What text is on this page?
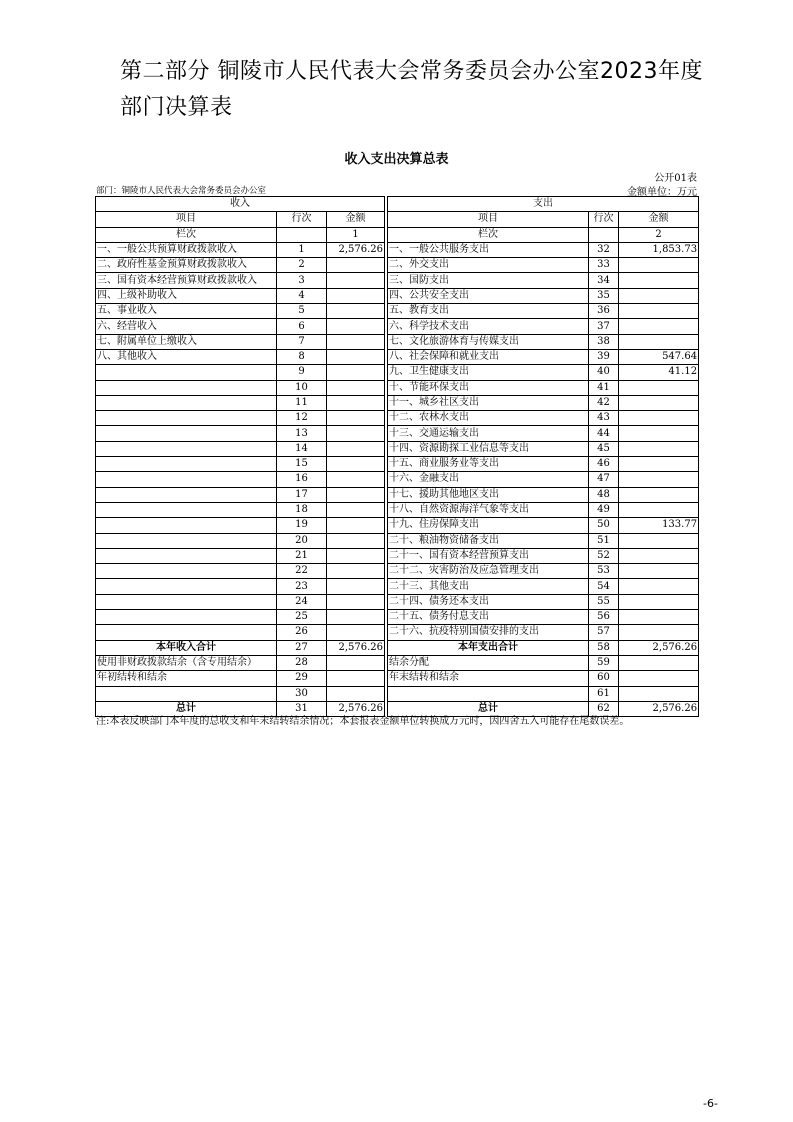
第二部分 铜陵市人民代表大会常务委员会办公室2023年度部门决算表
收入支出决算总表
公开01表
部门：铜陵市人民代表大会常务委员会办公室	金额单位：万元
收入				支出		
项目	行次	金额		项目	行次	金额
栏次		1		栏次		2
一、一般公共预算财政拨款收入	1	2,576.26		一、一般公共服务支出	32	1,853.73
二、政府性基金预算财政拨款收入	2			二、外交支出	33	
三、国有资本经营预算财政拨款收入	3			三、国防支出	34	
四、上级补助收入	4			四、公共安全支出	35	
五、事业收入	5			五、教育支出	36	
六、经营收入	6			六、科学技术支出	37	
七、附属单位上缴收入	7			七、文化旅游体育与传媒支出	38	
八、其他收入	8			八、社会保障和就业支出	39	547.64
	9			九、卫生健康支出	40	41.12
	10			十、节能环保支出	41	
	11			十一、城乡社区支出	42	
	12			十二、农林水支出	43	
	13			十三、交通运输支出	44	
	14			十四、资源勘探工业信息等支出	45	
	15			十五、商业服务业等支出	46	
	16			十六、金融支出	47	
	17			十七、援助其他地区支出	48	
	18			十八、自然资源海洋气象等支出	49	
	19			十九、住房保障支出	50	133.77
	20			二十、粮油物资储备支出	51	
	21			二十一、国有资本经营预算支出	52	
	22			二十二、灾害防治及应急管理支出	53	
	23			二十三、其他支出	54	
	24			二十四、债务还本支出	55	
	25			二十五、债务付息支出	56	
	26			二十六、抗疫特别国债安排的支出	57	
本年收入合计	27	2,576.26		本年支出合计	58	2,576.26
使用非财政拨款结余（含专用结余）	28			结余分配	59	
年初结转和结余	29			年末结转和结余	60	
	30				61	
总计	31	2,576.26		总计	62	2,576.26
注:本表反映部门本年度的总收支和年末结转结余情况；本套报表金额单位转换成万元时，因四舍五入可能存在尾数误差。
-6-
